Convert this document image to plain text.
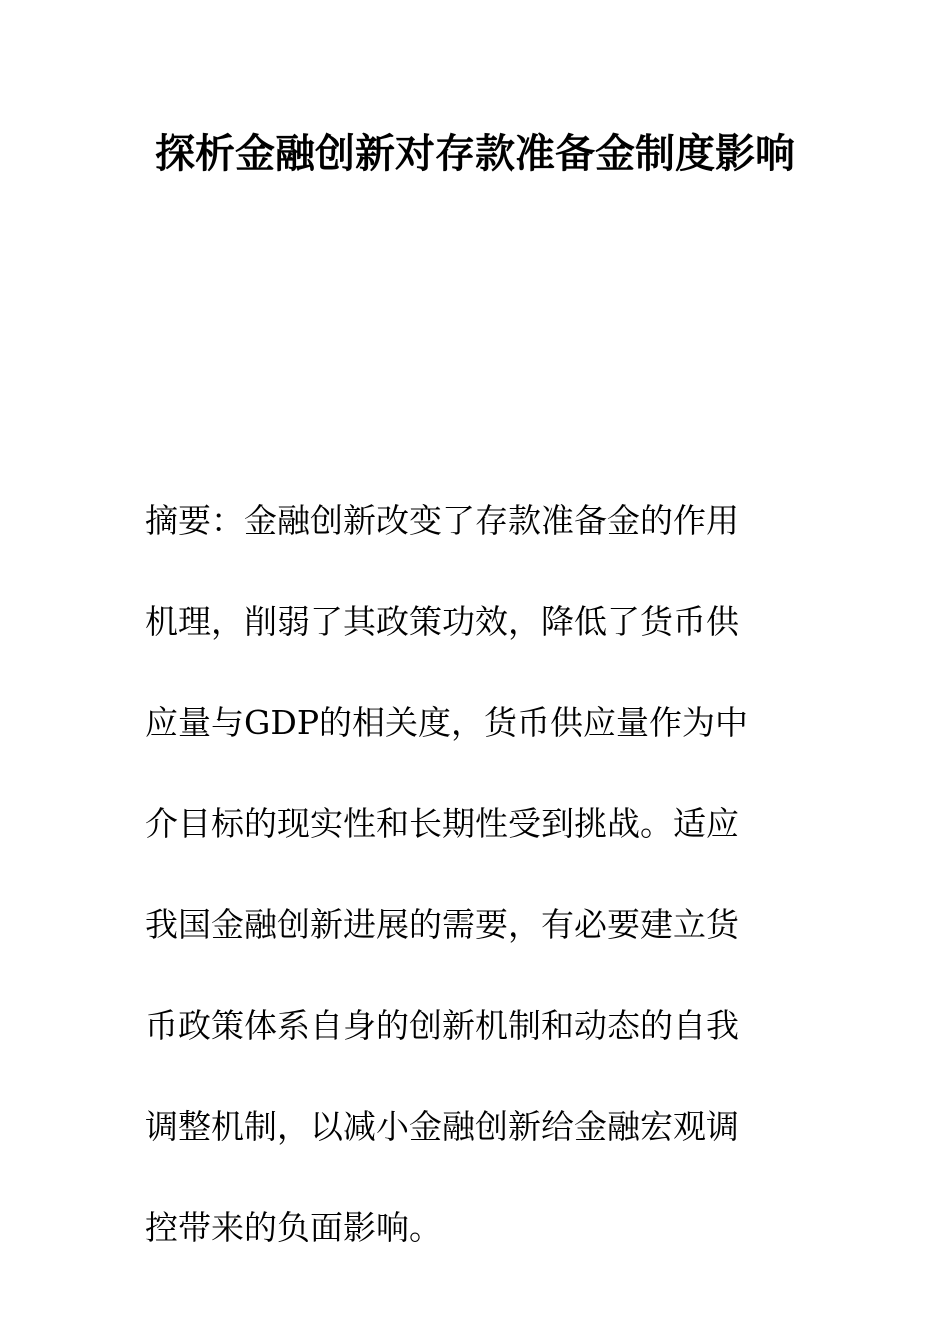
探析金融创新对存款准备金制度影响
摘要：金融创新改变了存款准备金的作用
机理，削弱了其政策功效，降低了货币供
应量与GDP的相关度，货币供应量作为中
介目标的现实性和长期性受到挑战。适应
我国金融创新进展的需要，有必要建立货
币政策体系自身的创新机制和动态的自我
调整机制，以减小金融创新给金融宏观调
控带来的负面影响。
